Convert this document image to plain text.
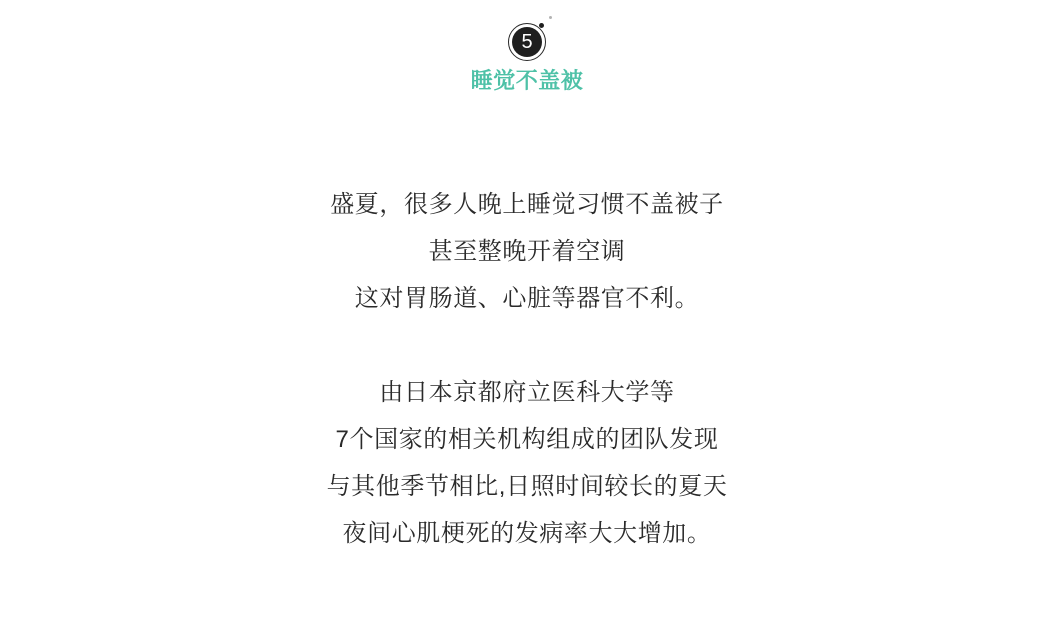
5
睡觉不盖被

盛夏，很多人晚上睡觉习惯不盖被子

甚至整晚开着空调

这对胃肠道、心脏等器官不利。

由日本京都府立医科大学等

7个国家的相关机构组成的团队发现

与其他季节相比,日照时间较长的夏天

夜间心肌梗死的发病率大大增加。
